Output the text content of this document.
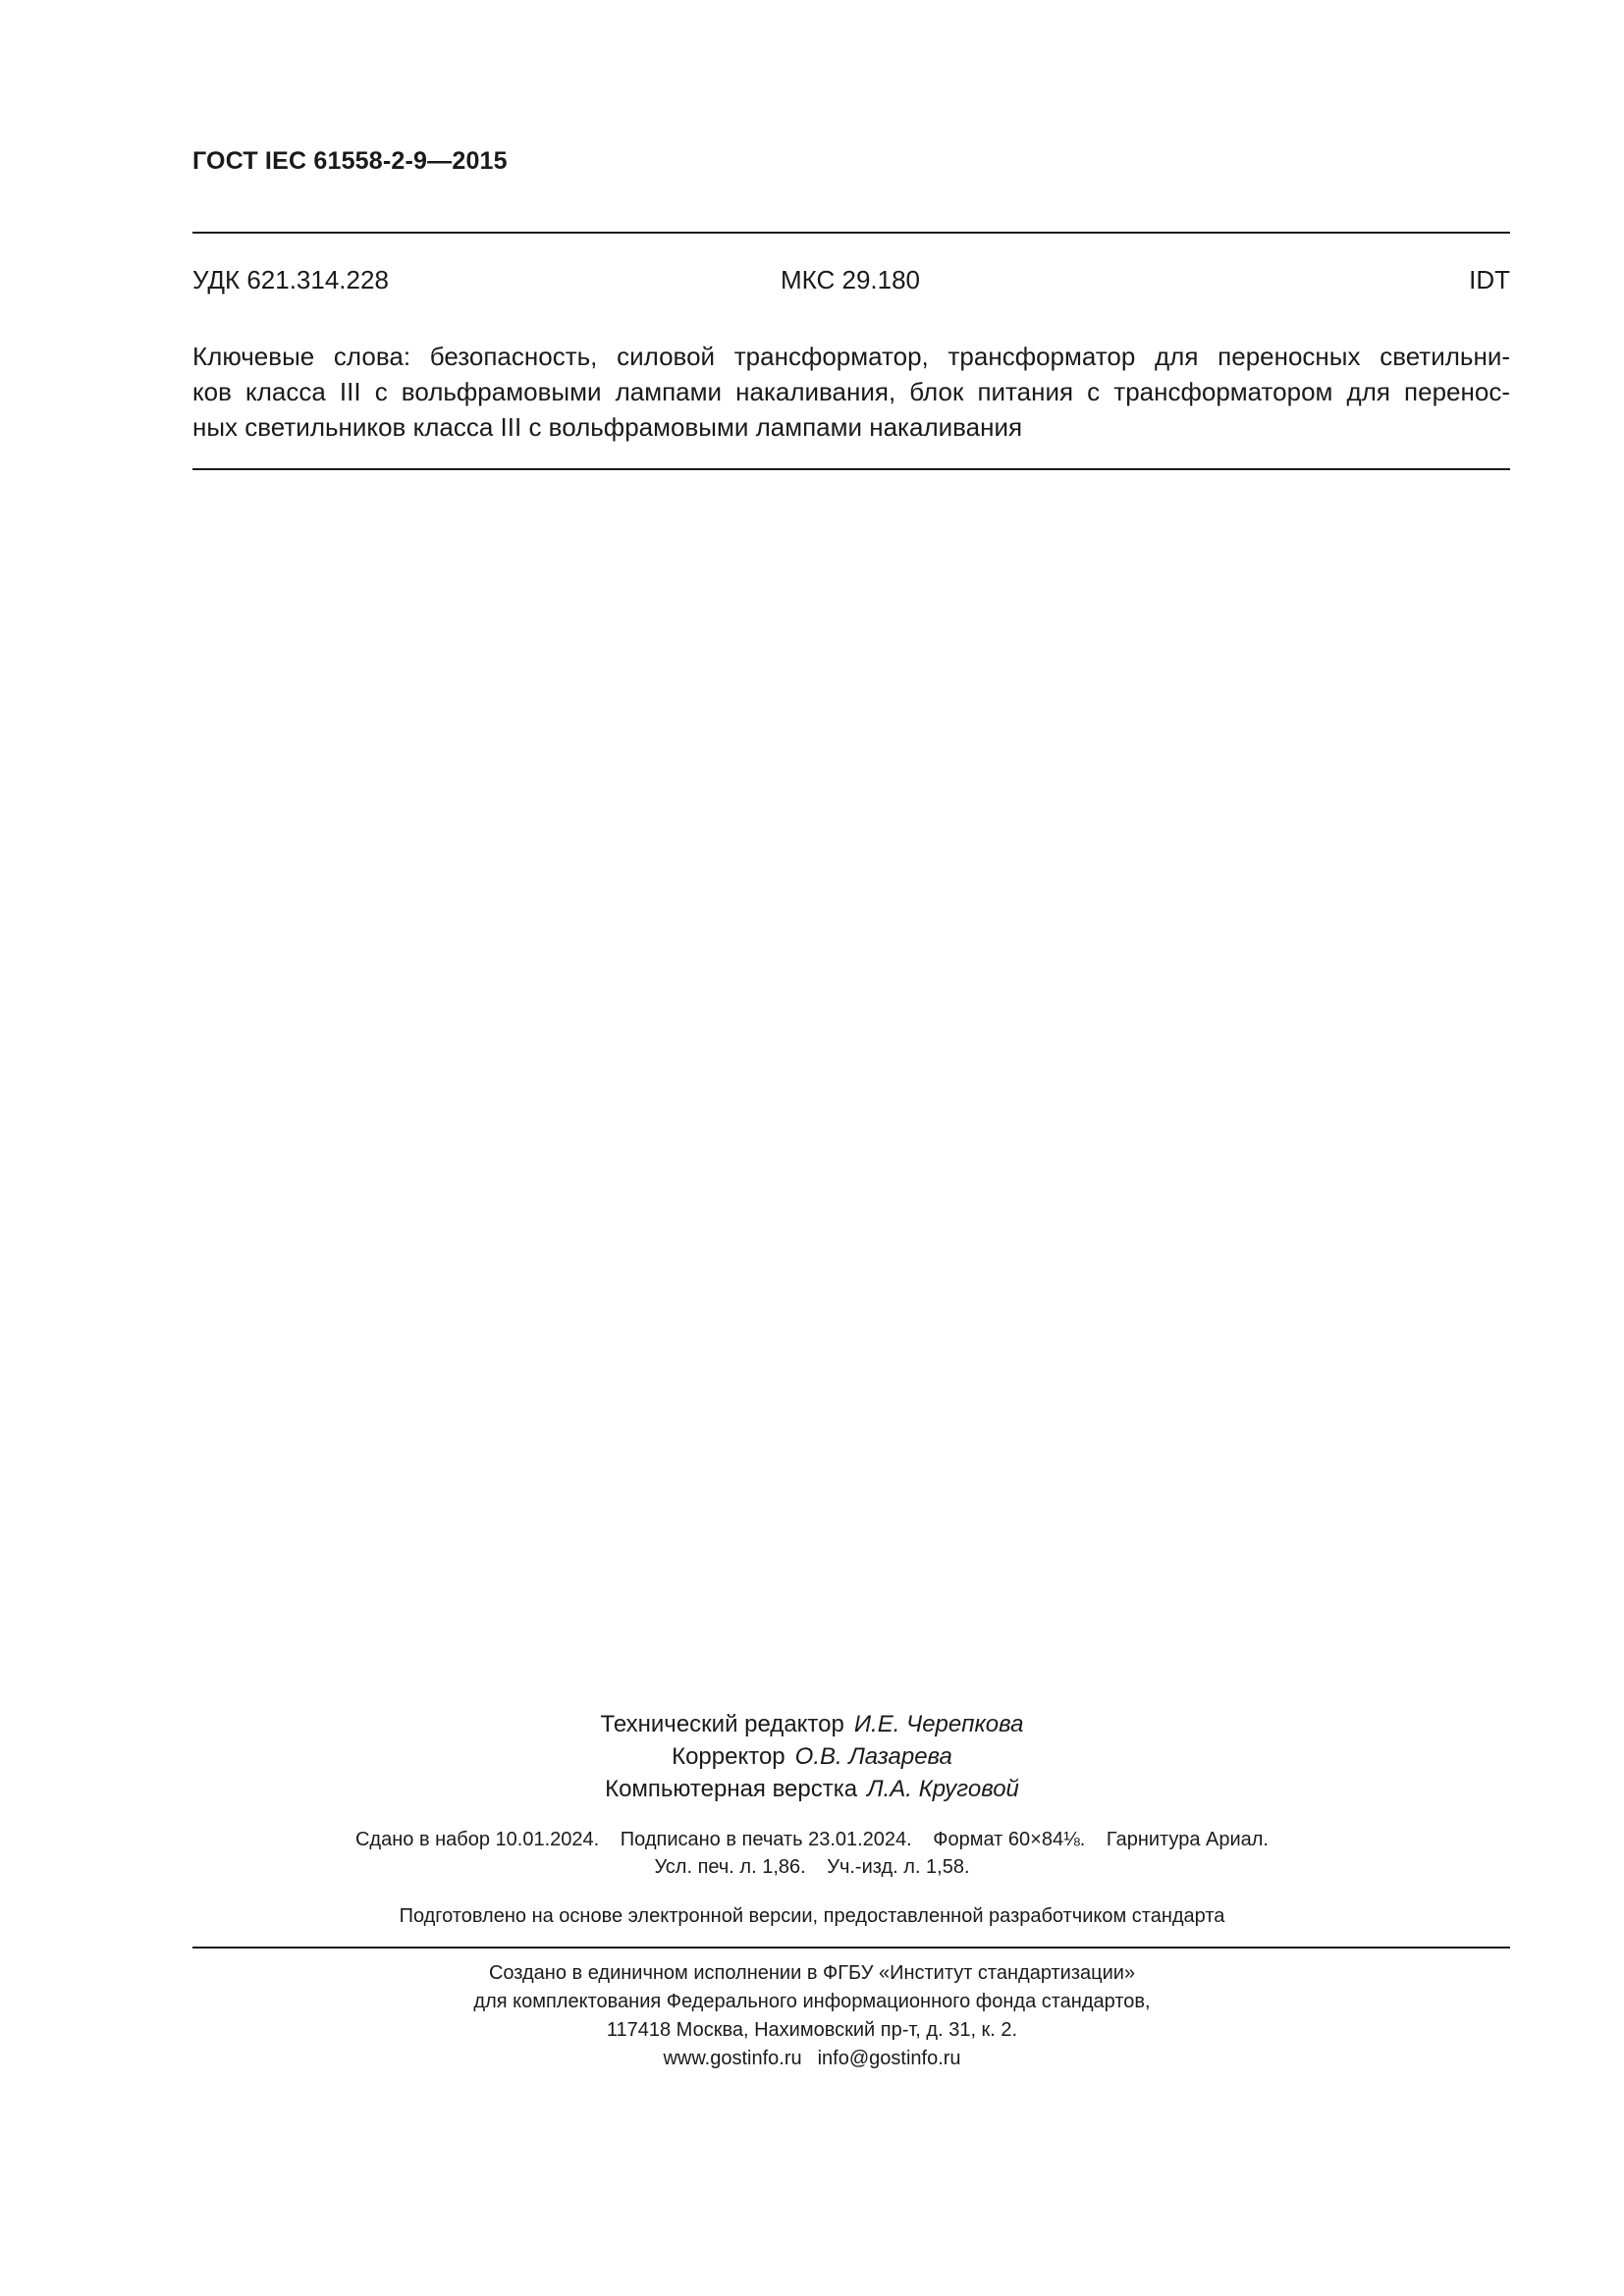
ГОСТ IEC 61558-2-9—2015
УДК 621.314.228	МКС 29.180	IDT
Ключевые слова: безопасность, силовой трансформатор, трансформатор для переносных светильни-
ков класса III с вольфрамовыми лампами накаливания, блок питания с трансформатором для перенос-
ных светильников класса III с вольфрамовыми лампами накаливания
Технический редактор И.Е. Черепкова
Корректор О.В. Лазарева
Компьютерная верстка Л.А. Круговой
Сдано в набор 10.01.2024. Подписано в печать 23.01.2024. Формат 60×84⅛. Гарнитура Ариал.
Усл. печ. л. 1,86. Уч.-изд. л. 1,58.
Подготовлено на основе электронной версии, предоставленной разработчиком стандарта
Создано в единичном исполнении в ФГБУ «Институт стандартизации»
для комплектования Федерального информационного фонда стандартов,
117418 Москва, Нахимовский пр-т, д. 31, к. 2.
www.gostinfo.ru info@gostinfo.ru
